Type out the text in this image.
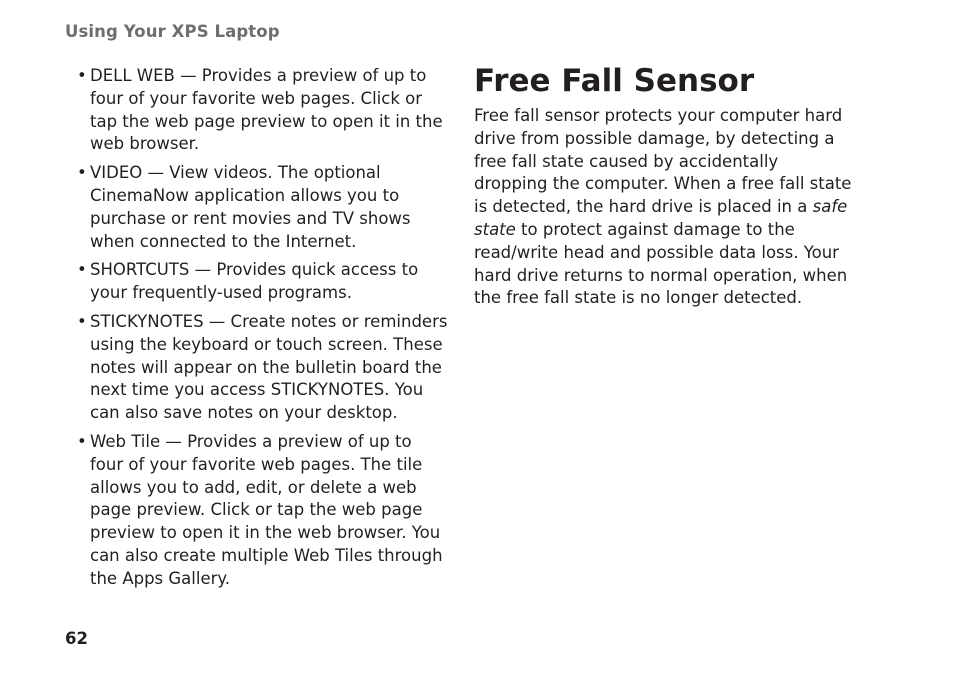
Using Your XPS Laptop
• DELL WEB — Provides a preview of up to four of your favorite web pages. Click or tap the web page preview to open it in the web browser.
• VIDEO — View videos. The optional CinemaNow application allows you to purchase or rent movies and TV shows when connected to the Internet.
• SHORTCUTS — Provides quick access to your frequently-used programs.
• STICKYNOTES — Create notes or reminders using the keyboard or touch screen. These notes will appear on the bulletin board the next time you access STICKYNOTES. You can also save notes on your desktop.
• Web Tile — Provides a preview of up to four of your favorite web pages. The tile allows you to add, edit, or delete a web page preview. Click or tap the web page preview to open it in the web browser. You can also create multiple Web Tiles through the Apps Gallery.
Free Fall Sensor

Free fall sensor protects your computer hard drive from possible damage, by detecting a free fall state caused by accidentally dropping the computer. When a free fall state is detected, the hard drive is placed in a safe state to protect against damage to the read/write head and possible data loss. Your hard drive returns to normal operation, when the free fall state is no longer detected.

62
